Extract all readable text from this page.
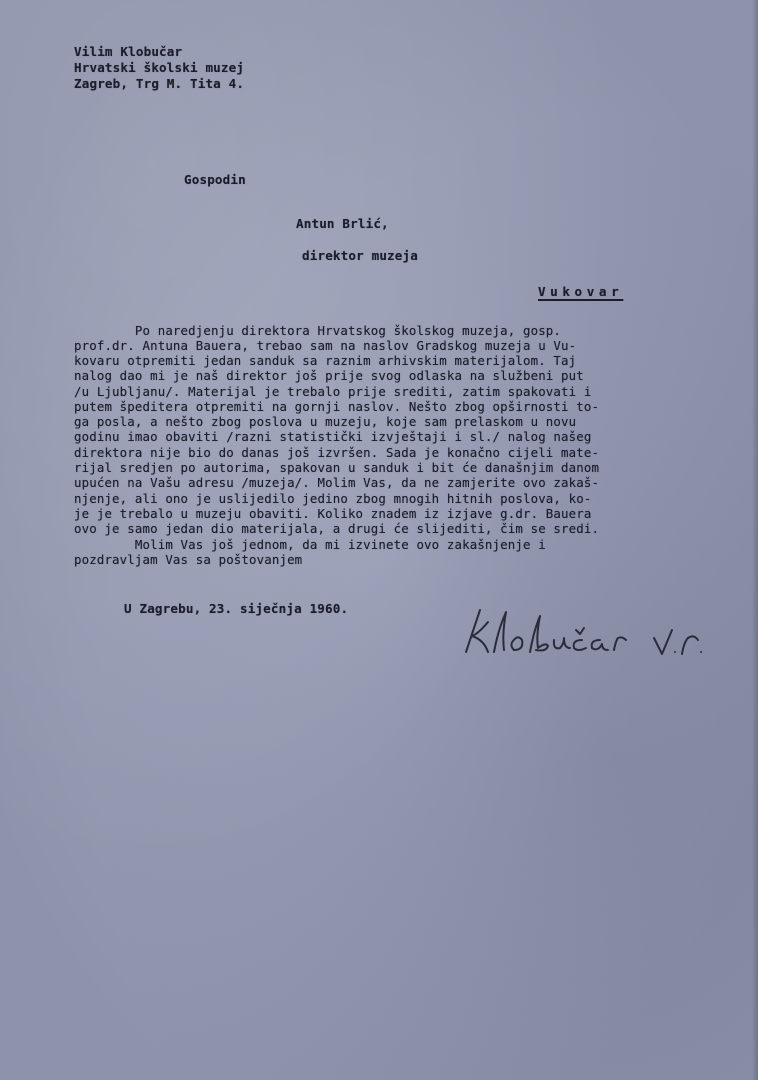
Vilim Klobučar
Hrvatski školski muzej
Zagreb, Trg M. Tita 4.
Gospodin
Antun Brlić,
direktor muzeja
Vukovar
Po naredjenju direktora Hrvatskog školskog muzeja, gosp.
prof.dr. Antuna Bauera, trebao sam na naslov Gradskog muzeja u Vu-
kovaru otpremiti jedan sanduk sa raznim arhivskim materijalom. Taj
nalog dao mi je naš direktor još prije svog odlaska na službeni put
/u Ljubljanu/. Materijal je trebalo prije srediti, zatim spakovati i
putem špeditera otpremiti na gornji naslov. Nešto zbog opširnosti to-
ga posla, a nešto zbog poslova u muzeju, koje sam prelaskom u novu
godinu imao obaviti /razni statistički izvještaji i sl./ nalog našeg
direktora nije bio do danas još izvršen. Sada je konačno cijeli mate-
rijal sredjen po autorima, spakovan u sanduk i bit će današnjim danom
upućen na Vašu adresu /muzeja/. Molim Vas, da ne zamjerite ovo zakaš-
njenje, ali ono je uslijedilo jedino zbog mnogih hitnih poslova, ko-
je je trebalo u muzeju obaviti. Koliko znadem iz izjave g.dr. Bauera
ovo je samo jedan dio materijala, a drugi će slijediti, čim se sredi.
Molim Vas još jednom, da mi izvinete ovo zakašnjenje i
pozdravljam Vas sa poštovanjem
U Zagrebu, 23. siječnja 1960.
